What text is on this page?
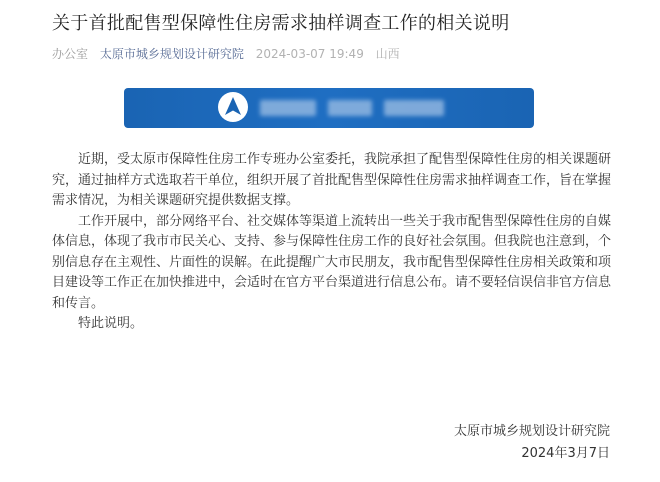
关于首批配售型保障性住房需求抽样调查工作的相关说明
办公室 太原市城乡规划设计研究院 2024-03-07 19:49 山西

近期，受太原市保障性住房工作专班办公室委托，我院承担了配售型保障性住房的相关课题研究，通过抽样方式选取若干单位，组织开展了首批配售型保障性住房需求抽样调查工作，旨在掌握需求情况，为相关课题研究提供数据支撑。

工作开展中，部分网络平台、社交媒体等渠道上流转出一些关于我市配售型保障性住房的自媒体信息，体现了我市市民关心、支持、参与保障性住房工作的良好社会氛围。但我院也注意到，个别信息存在主观性、片面性的误解。在此提醒广大市民朋友，我市配售型保障性住房相关政策和项目建设等工作正在加快推进中，会适时在官方平台渠道进行信息公布。请不要轻信误信非官方信息和传言。

特此说明。

太原市城乡规划设计研究院
2024年3月7日
